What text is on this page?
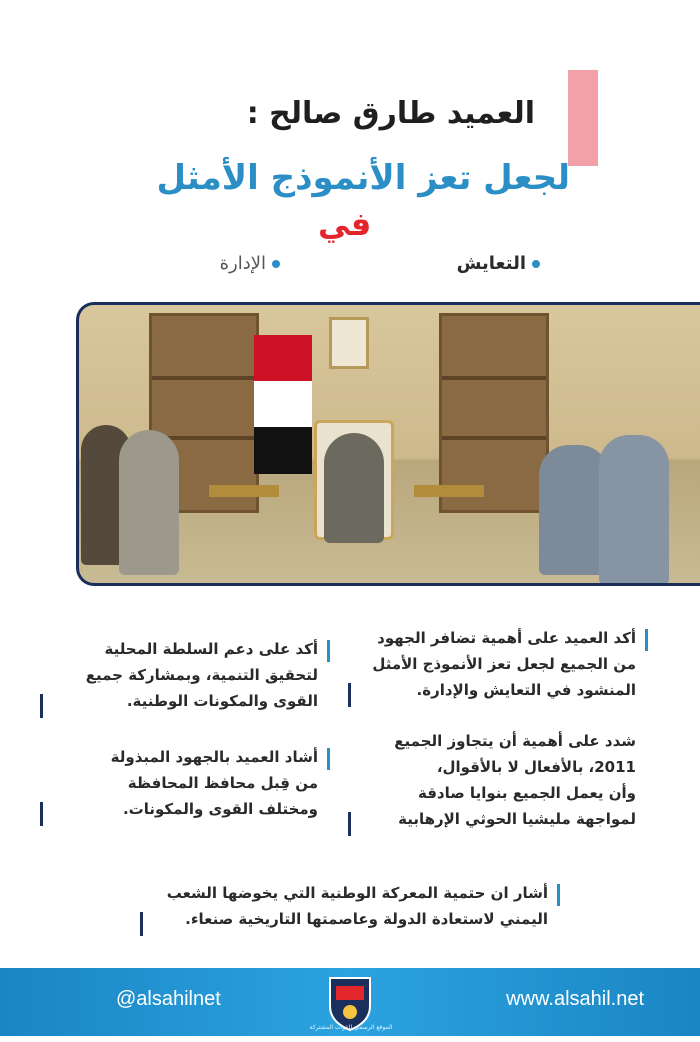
العميد طارق صالح :
لجعل تعز الأنموذج الأمثل
في
التعايش
الإدارة
أكد العميد على أهمية تضافر الجهود
من الجميع لجعل تعز الأنموذج الأمثل
المنشود في التعايش والإدارة.
أكد على دعم السلطة المحلية
لتحقيق التنمية، وبمشاركة جميع
القوى والمكونات الوطنية.
شدد على أهمية أن يتجاوز الجميع
2011، بالأفعال لا بالأقوال،
وأن يعمل الجميع بنوايا صادقة
لمواجهة مليشيا الحوثي الإرهابية
أشاد العميد بالجهود المبذولة
من قِبل محافظ المحافظة
ومختلف القوى والمكونات.
أشار ان حتمية المعركة الوطنية التي يخوضها الشعب
اليمني لاستعادة الدولة وعاصمتها التاريخية صنعاء.
@alsahilnet
الموقع الرسمي للقوات المشتركة
www.alsahil.net
